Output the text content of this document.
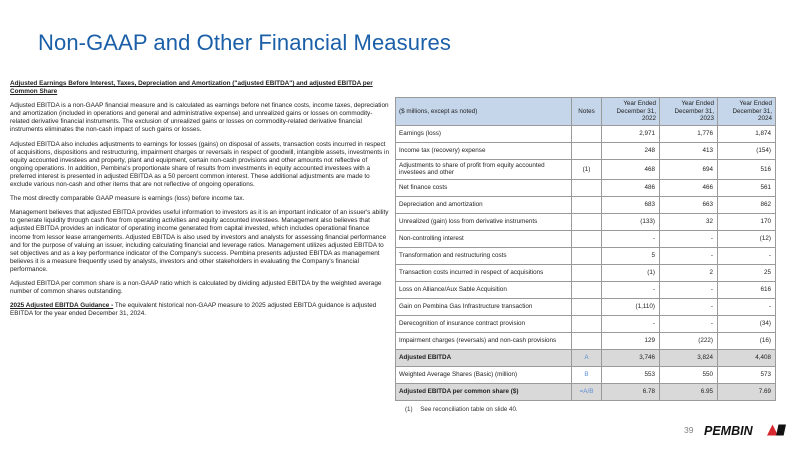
Non-GAAP and Other Financial Measures
Adjusted Earnings Before Interest, Taxes, Depreciation and Amortization ("adjusted EBITDA") and adjusted EBITDA per Common Share

Adjusted EBITDA is a non-GAAP financial measure and is calculated as earnings before net finance costs, income taxes, depreciation and amortization (included in operations and general and administrative expense) and unrealized gains or losses on commodity-related derivative financial instruments. The exclusion of unrealized gains or losses on commodity-related derivative financial instruments eliminates the non-cash impact of such gains or losses.

Adjusted EBITDA also includes adjustments to earnings for losses (gains) on disposal of assets, transaction costs incurred in respect of acquisitions, dispositions and restructuring, impairment charges or reversals in respect of goodwill, intangible assets, investments in equity accounted investees and property, plant and equipment, certain non-cash provisions and other amounts not reflective of ongoing operations. In addition, Pembina's proportionate share of results from investments in equity accounted investees with a preferred interest is presented in adjusted EBITDA as a 50 percent common interest. These additional adjustments are made to exclude various non-cash and other items that are not reflective of ongoing operations.

The most directly comparable GAAP measure is earnings (loss) before income tax.

Management believes that adjusted EBITDA provides useful information to investors as it is an important indicator of an issuer's ability to generate liquidity through cash flow from operating activities and equity accounted investees. Management also believes that adjusted EBITDA provides an indicator of operating income generated from capital invested, which includes operational finance income from lessor lease arrangements. Adjusted EBITDA is also used by investors and analysts for assessing financial performance and for the purpose of valuing an issuer, including calculating financial and leverage ratios. Management utilizes adjusted EBITDA to set objectives and as a key performance indicator of the Company's success. Pembina presents adjusted EBITDA as management believes it is a measure frequently used by analysts, investors and other stakeholders in evaluating the Company's financial performance.

Adjusted EBITDA per common share is a non-GAAP ratio which is calculated by dividing adjusted EBITDA by the weighted average number of common shares outstanding.

2025 Adjusted EBITDA Guidance - The equivalent historical non-GAAP measure to 2025 adjusted EBITDA guidance is adjusted EBITDA for the year ended December 31, 2024.

($ millions, except as noted)	Notes	Year Ended
December 31, 2022	Year Ended
December 31, 2023	Year Ended
December 31, 2024
Earnings (loss)		2,971	1,776	1,874
Income tax (recovery) expense		248	413	(154)
Adjustments to share of profit from equity accounted investees and other	(1)	468	694	516
Net finance costs		486	466	561
Depreciation and amortization		683	663	862
Unrealized (gain) loss from derivative instruments		(133)	32	170
Non-controlling interest		-	-	(12)
Transformation and restructuring costs		5	-	-
Transaction costs incurred in respect of acquisitions		(1)	2	25
Loss on Alliance/Aux Sable Acquisition		-	-	616
Gain on Pembina Gas Infrastructure transaction		(1,110)	-	-
Derecognition of insurance contract provision		-	-	(34)
Impairment charges (reversals) and non-cash provisions		129	(222)	(16)
Adjusted EBITDA	A	3,746	3,824	4,408
Weighted Average Shares (Basic) (million)	B	553	550	573
Adjusted EBITDA per common share ($)	=A/B	6.78	6.95	7.69
(1) See reconciliation table on slide 40.
39 PEMBIN
